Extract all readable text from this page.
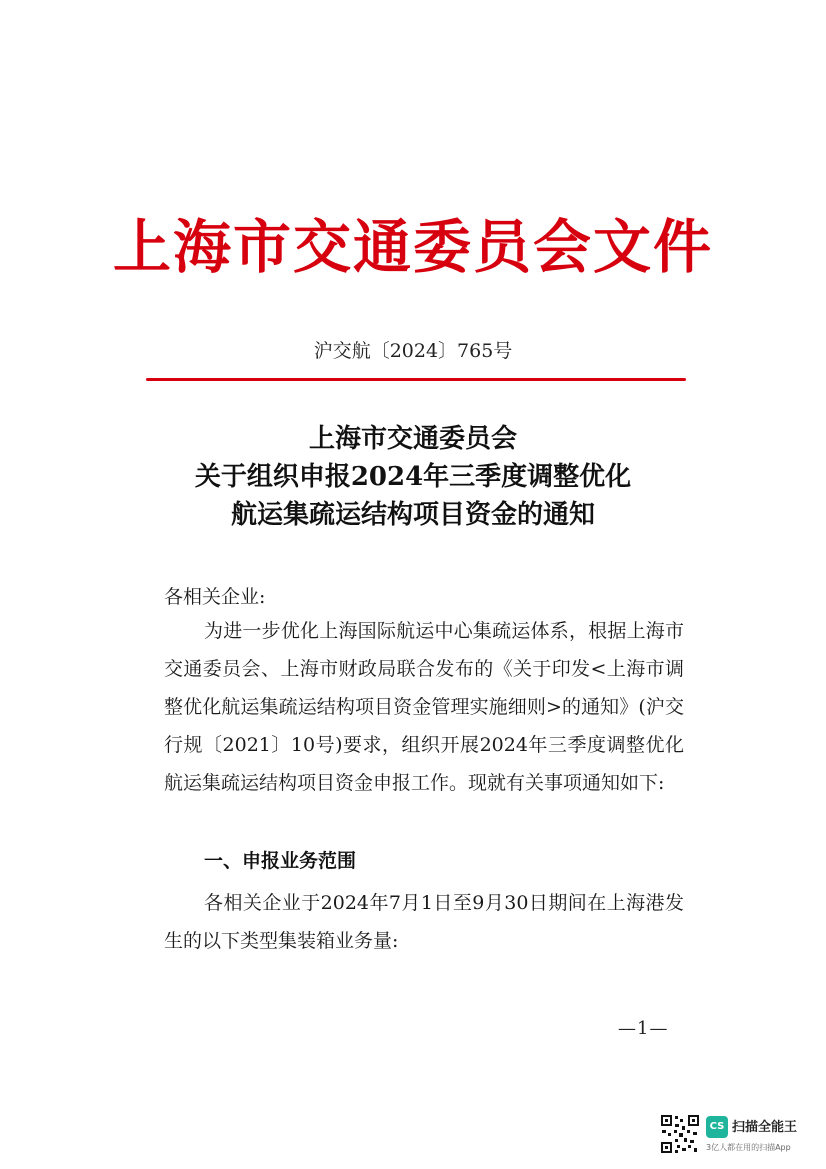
上海市交通委员会文件
沪交航〔2024〕765号
上海市交通委员会
关于组织申报2024年三季度调整优化
航运集疏运结构项目资金的通知
各相关企业:
为进一步优化上海国际航运中心集疏运体系，根据上海市交通委员会、上海市财政局联合发布的《关于印发<上海市调整优化航运集疏运结构项目资金管理实施细则>的通知》(沪交行规〔2021〕10号)要求，组织开展2024年三季度调整优化航运集疏运结构项目资金申报工作。现就有关事项通知如下:
一、申报业务范围
各相关企业于2024年7月1日至9月30日期间在上海港发生的以下类型集装箱业务量:
—1—
CS 扫描全能王
3亿人都在用的扫描App
